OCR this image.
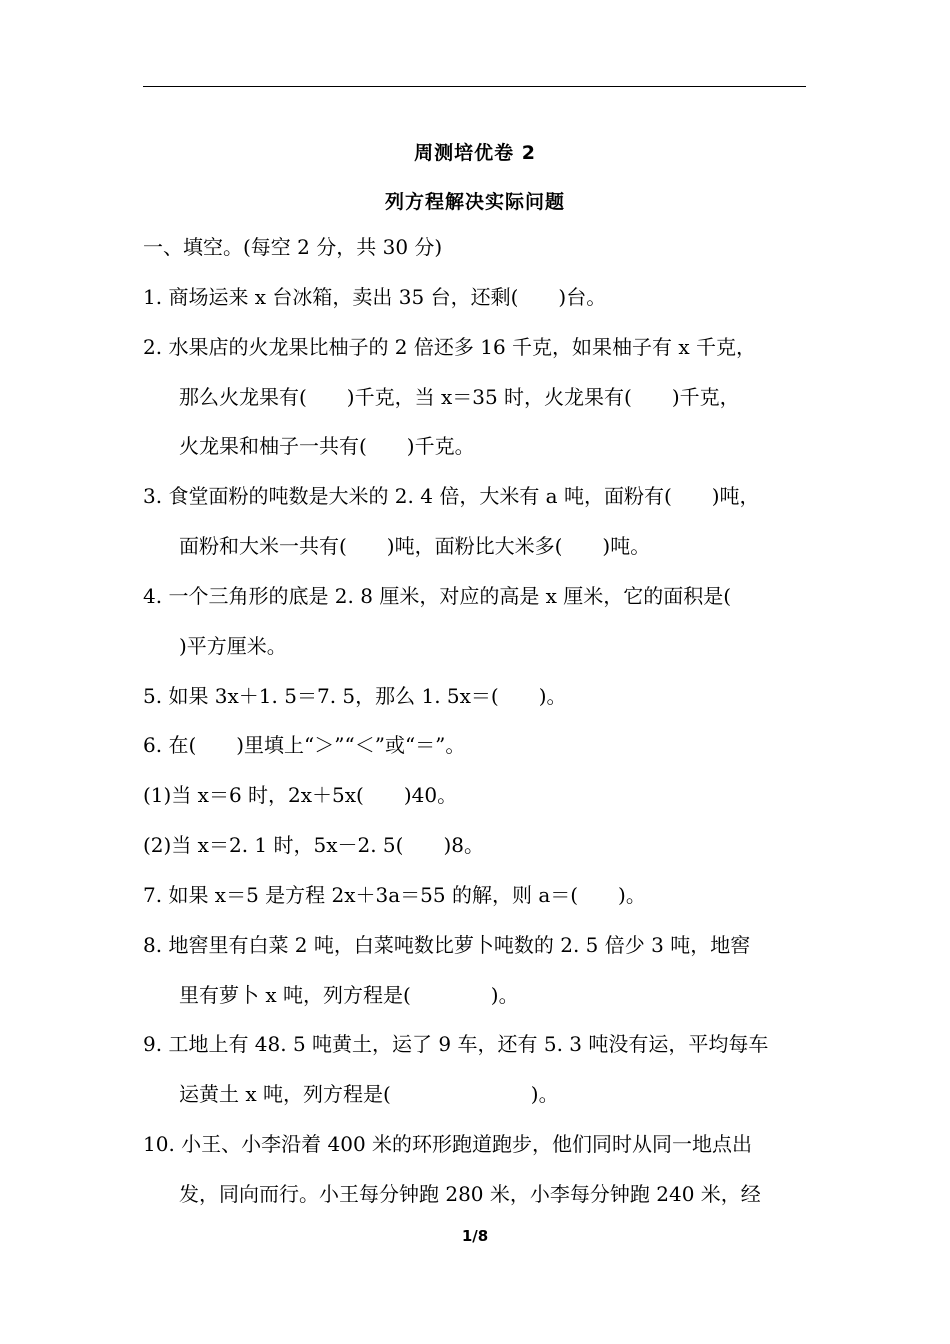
周测培优卷 2
列方程解决实际问题
一、填空。(每空 2 分，共 30 分)
1. 商场运来 x 台冰箱，卖出 35 台，还剩(　　)台。
2. 水果店的火龙果比柚子的 2 倍还多 16 千克，如果柚子有 x 千克，
那么火龙果有(　　)千克，当 x＝35 时，火龙果有(　　)千克，
火龙果和柚子一共有(　　)千克。
3. 食堂面粉的吨数是大米的 2. 4 倍，大米有 a 吨，面粉有(　　)吨，
面粉和大米一共有(　　)吨，面粉比大米多(　　)吨。
4. 一个三角形的底是 2. 8 厘米，对应的高是 x 厘米，它的面积是(
)平方厘米。
5. 如果 3x＋1. 5＝7. 5，那么 1. 5x＝(　　)。
6. 在(　　)里填上“＞”“＜”或“＝”。
(1)当 x＝6 时，2x＋5x(　　)40。
(2)当 x＝2. 1 时，5x－2. 5(　　)8。
7. 如果 x＝5 是方程 2x＋3a＝55 的解，则 a＝(　　)。
8. 地窖里有白菜 2 吨，白菜吨数比萝卜吨数的 2. 5 倍少 3 吨，地窖
里有萝卜 x 吨，列方程是(　　　　)。
9. 工地上有 48. 5 吨黄土，运了 9 车，还有 5. 3 吨没有运，平均每车
运黄土 x 吨，列方程是(　　　　　　　)。
10. 小王、小李沿着 400 米的环形跑道跑步，他们同时从同一地点出
发，同向而行。小王每分钟跑 280 米，小李每分钟跑 240 米，经
1/8
